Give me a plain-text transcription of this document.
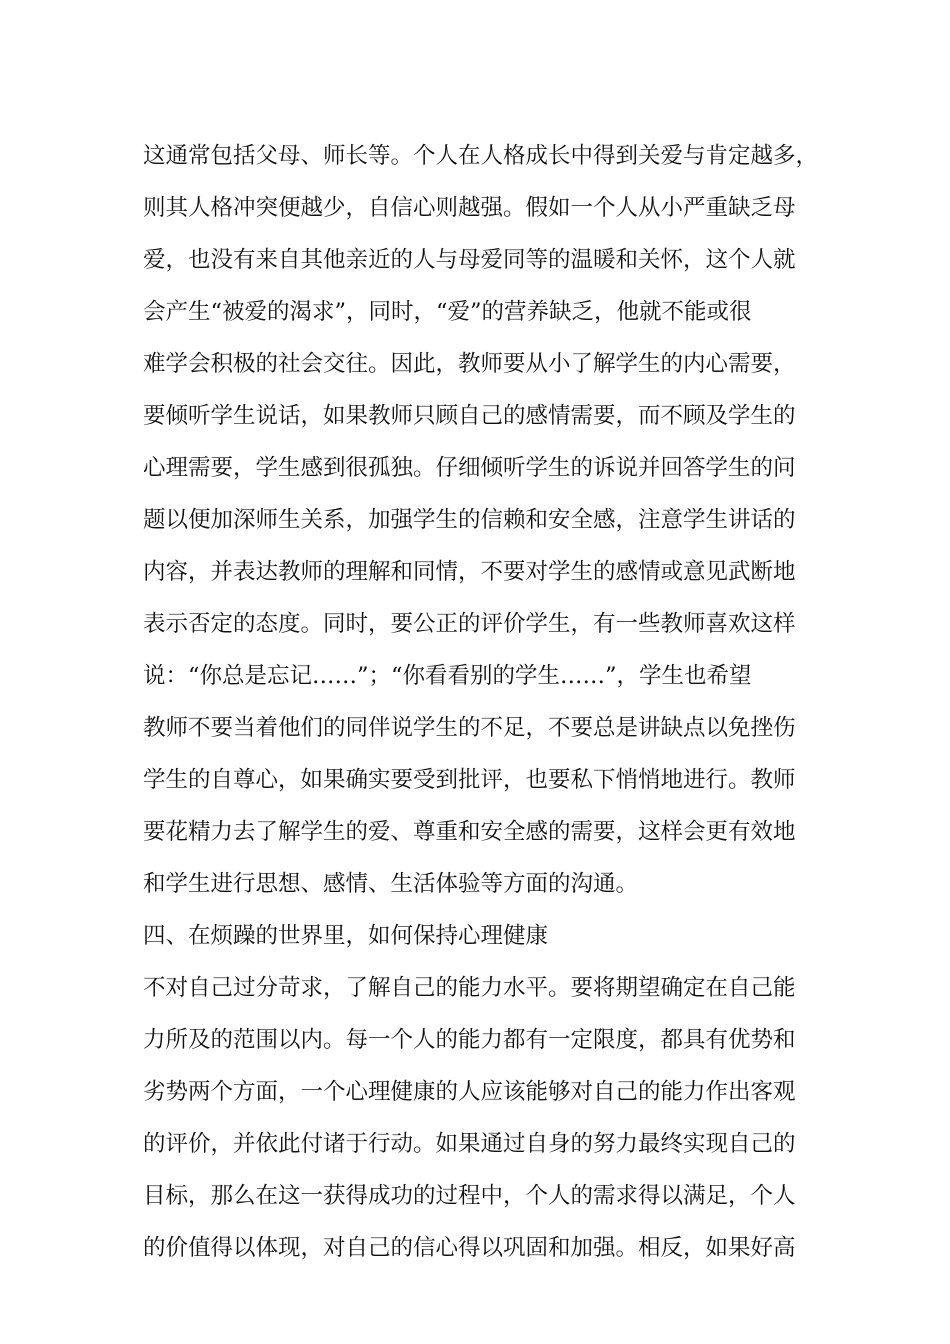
这通常包括父母、师长等。个人在人格成长中得到关爱与肯定越多，
则其人格冲突便越少，自信心则越强。假如一个人从小严重缺乏母
爱，也没有来自其他亲近的人与母爱同等的温暖和关怀，这个人就
会产生“被爱的渴求”，同时，“爱”的营养缺乏，他就不能或很
难学会积极的社会交往。因此，教师要从小了解学生的内心需要，
要倾听学生说话，如果教师只顾自己的感情需要，而不顾及学生的
心理需要，学生感到很孤独。仔细倾听学生的诉说并回答学生的问
题以便加深师生关系，加强学生的信赖和安全感，注意学生讲话的
内容，并表达教师的理解和同情，不要对学生的感情或意见武断地
表示否定的态度。同时，要公正的评价学生，有一些教师喜欢这样
说：“你总是忘记……”；“你看看别的学生……”，学生也希望
教师不要当着他们的同伴说学生的不足，不要总是讲缺点以免挫伤
学生的自尊心，如果确实要受到批评，也要私下悄悄地进行。教师
要花精力去了解学生的爱、尊重和安全感的需要，这样会更有效地
和学生进行思想、感情、生活体验等方面的沟通。
四、在烦躁的世界里，如何保持心理健康
不对自己过分苛求，了解自己的能力水平。要将期望确定在自己能
力所及的范围以内。每一个人的能力都有一定限度，都具有优势和
劣势两个方面，一个心理健康的人应该能够对自己的能力作出客观
的评价，并依此付诸于行动。如果通过自身的努力最终实现自己的
目标，那么在这一获得成功的过程中，个人的需求得以满足，个人
的价值得以体现，对自己的信心得以巩固和加强。相反，如果好高
